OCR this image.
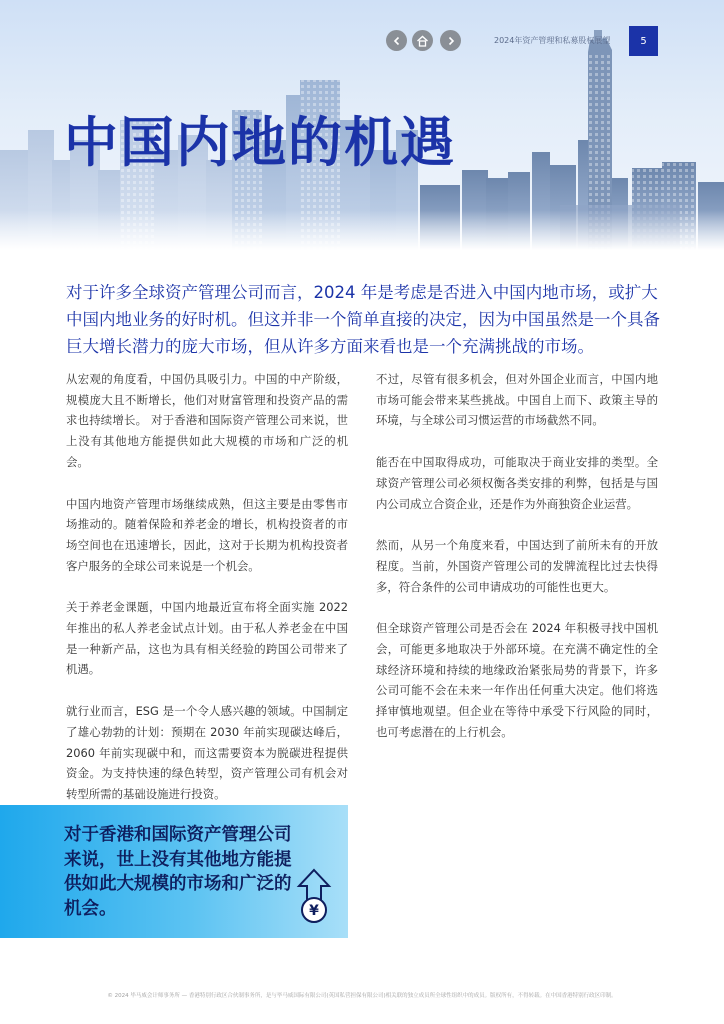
中国内地的机遇
2024年资产管理和私募股权展望	5

对于许多全球资产管理公司而言，2024 年是考虑是否进入中国内地市场，或扩大中国内地业务的好时机。但这并非一个简单直接的决定，因为中国虽然是一个具备巨大增长潜力的庞大市场，但从许多方面来看也是一个充满挑战的市场。

从宏观的角度看，中国仍具吸引力。中国的中产阶级，规模庞大且不断增长，他们对财富管理和投资产品的需求也持续增长。 对于香港和国际资产管理公司来说，世上没有其他地方能提供如此大规模的市场和广泛的机会。

中国内地资产管理市场继续成熟，但这主要是由零售市场推动的。随着保险和养老金的增长，机构投资者的市场空间也在迅速增长，因此，这对于长期为机构投资者客户服务的全球公司来说是一个机会。

关于养老金课题，中国内地最近宣布将全面实施 2022 年推出的私人养老金试点计划。由于私人养老金在中国是一种新产品，这也为具有相关经验的跨国公司带来了机遇。

就行业而言，ESG 是一个令人感兴趣的领域。中国制定了雄心勃勃的计划：预期在 2030 年前实现碳达峰后，2060 年前实现碳中和，而这需要资本为脱碳进程提供资金。为支持快速的绿色转型，资产管理公司有机会对转型所需的基础设施进行投资。

不过，尽管有很多机会，但对外国企业而言，中国内地市场可能会带来某些挑战。中国自上而下、政策主导的环境，与全球公司习惯运营的市场截然不同。

能否在中国取得成功，可能取决于商业安排的类型。全球资产管理公司必须权衡各类安排的利弊，包括是与国内公司成立合资企业，还是作为外商独资企业运营。

然而，从另一个角度来看，中国达到了前所未有的开放程度。当前，外国资产管理公司的发牌流程比过去快得多，符合条件的公司申请成功的可能性也更大。

但全球资产管理公司是否会在 2024 年积极寻找中国机会，可能更多地取决于外部环境。在充满不确定性的全球经济环境和持续的地缘政治紧张局势的背景下，许多公司可能不会在未来一年作出任何重大决定。他们将选择审慎地观望。但企业在等待中承受下行风险的同时，也可考虑潜在的上行机会。

对于香港和国际资产管理公司来说，世上没有其他地方能提供如此大规模的市场和广泛的机会。	¥
© 2024 毕马威会计师事务所 — 香港特别行政区合伙制事务所，是与毕马威国际有限公司(英国私营担保有限公司)相关联的独立成员所全球性组织中的成员。版权所有，不得转载。在中国香港特别行政区印制。
